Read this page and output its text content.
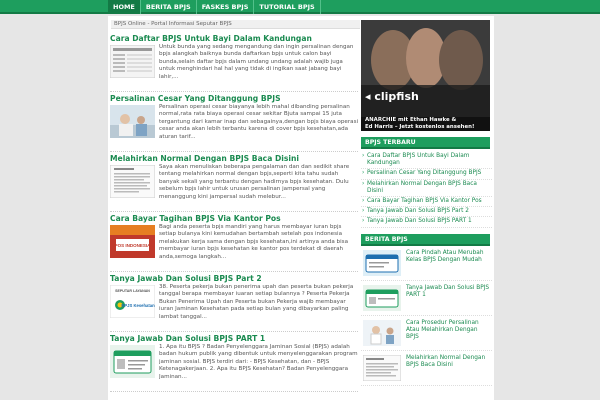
HOME	BERITA BPJS	FASKES BPJS	TUTORIAL BPJS
BPJS Online - Portal Informasi Seputar BPJS
Cara Daftar BPJS Untuk Bayi Dalam Kandungan
Untuk bunda yang sedang mengandung dan ingin persalinan dengan bpjs alangkah baiknya bunda daftarkan bpjs untuk calon bayi bunda,selain daftar bpjs dalam undang undang adalah wajib juga untuk menghindari hal hal yang tidak di ingikan saat jabang bayi lahir,...
Persalinan Cesar Yang Ditanggung BPJS
Persalinan operasi cesar biayanya lebih mahal dibanding persalinan normal,rata rata biaya operasi cesar sekitar Bjuta sampai 15 juta tergantung dari kamar inap dan sebagainya,dengan bpjs biaya operasi cesar anda akan lebih terbantu karena di cover bpjs kesehatan,ada aturan tarif...
Melahirkan Normal Dengan BPJS Baca Disini
Saya akan menuliskan beberapa pengalaman dan dan sedikit share tentang melahirkan normal dengan bpjs,seperti kita tahu sudah banyak sekali yang terbantu dengan hadirnya bpjs kesehatan. Dulu sebelum bpjs lahir untuk urusan persalinan jampersal yang menanggung kini jampersal sudah melebur...
Cara Bayar Tagihan BPJS Via Kantor Pos
POS INDONESIA
Bagi anda peserta bpjs mandiri yang harus membayar iuran bpjs setiap bulanya kini kemudahan bertambah setelah pos indonesia melakukan kerja sama dengan bpjs kesehatan,ini artinya anda bisa membayar iuran bpjs kesehatan ke kantor pos terdekat di daerah anda,semoga langkah...
Tanya Jawab Dan Solusi BPJS Part 2
SEPUTAR LAYANAN
BPJS Kesehatan
38. Peserta pekerja bukan penerima upah dan peserta bukan pekerja tanggal berapa membayar iuaran setiap bulannya ? Peserta Pekerja Bukan Penerima Upah dan Peserta bukan Pekerja wajib membayar iuran Jaminan Kesehatan pada setiap bulan yang dibayarkan paling lambat tanggal...
Tanya Jawab Dan Solusi BPJS PART 1
1. Apa itu BPJS ? Badan Penyelenggara Jaminan Sosial (BPJS) adalah badan hukum publik yang dibentuk untuk menyelenggarakan program jaminan sosial. BPJS terdiri dari: - BPJS Kesehatan, dan - BPJS Ketenagakerjaan. 2. Apa itu BPJS Kesehatan? Badan Penyelenggara Jaminan...
◂ clipfish
ANARCHIE mit Ethan Hawke &
Ed Harris – Jetzt kostenlos ansehen!
BPJS TERBARU
› Cara Daftar BPJS Untuk Bayi Dalam Kandungan
› Persalinan Cesar Yang Ditanggung BPJS
› Melahirkan Normal Dengan BPJS Baca Disini
› Cara Bayar Tagihan BPJS Via Kantor Pos
› Tanya Jawab Dan Solusi BPJS Part 2
› Tanya Jawab Dan Solusi BPJS PART 1
BERITA BPJS
Cara Pindah Atau Merubah Kelas BPJS Dengan Mudah
Tanya Jawab Dan Solusi BPJS PART 1
Cara Prosedur Persalinan Atau Melahirkan Dengan BPJS
Melahirkan Normal Dengan BPJS Baca Disini
